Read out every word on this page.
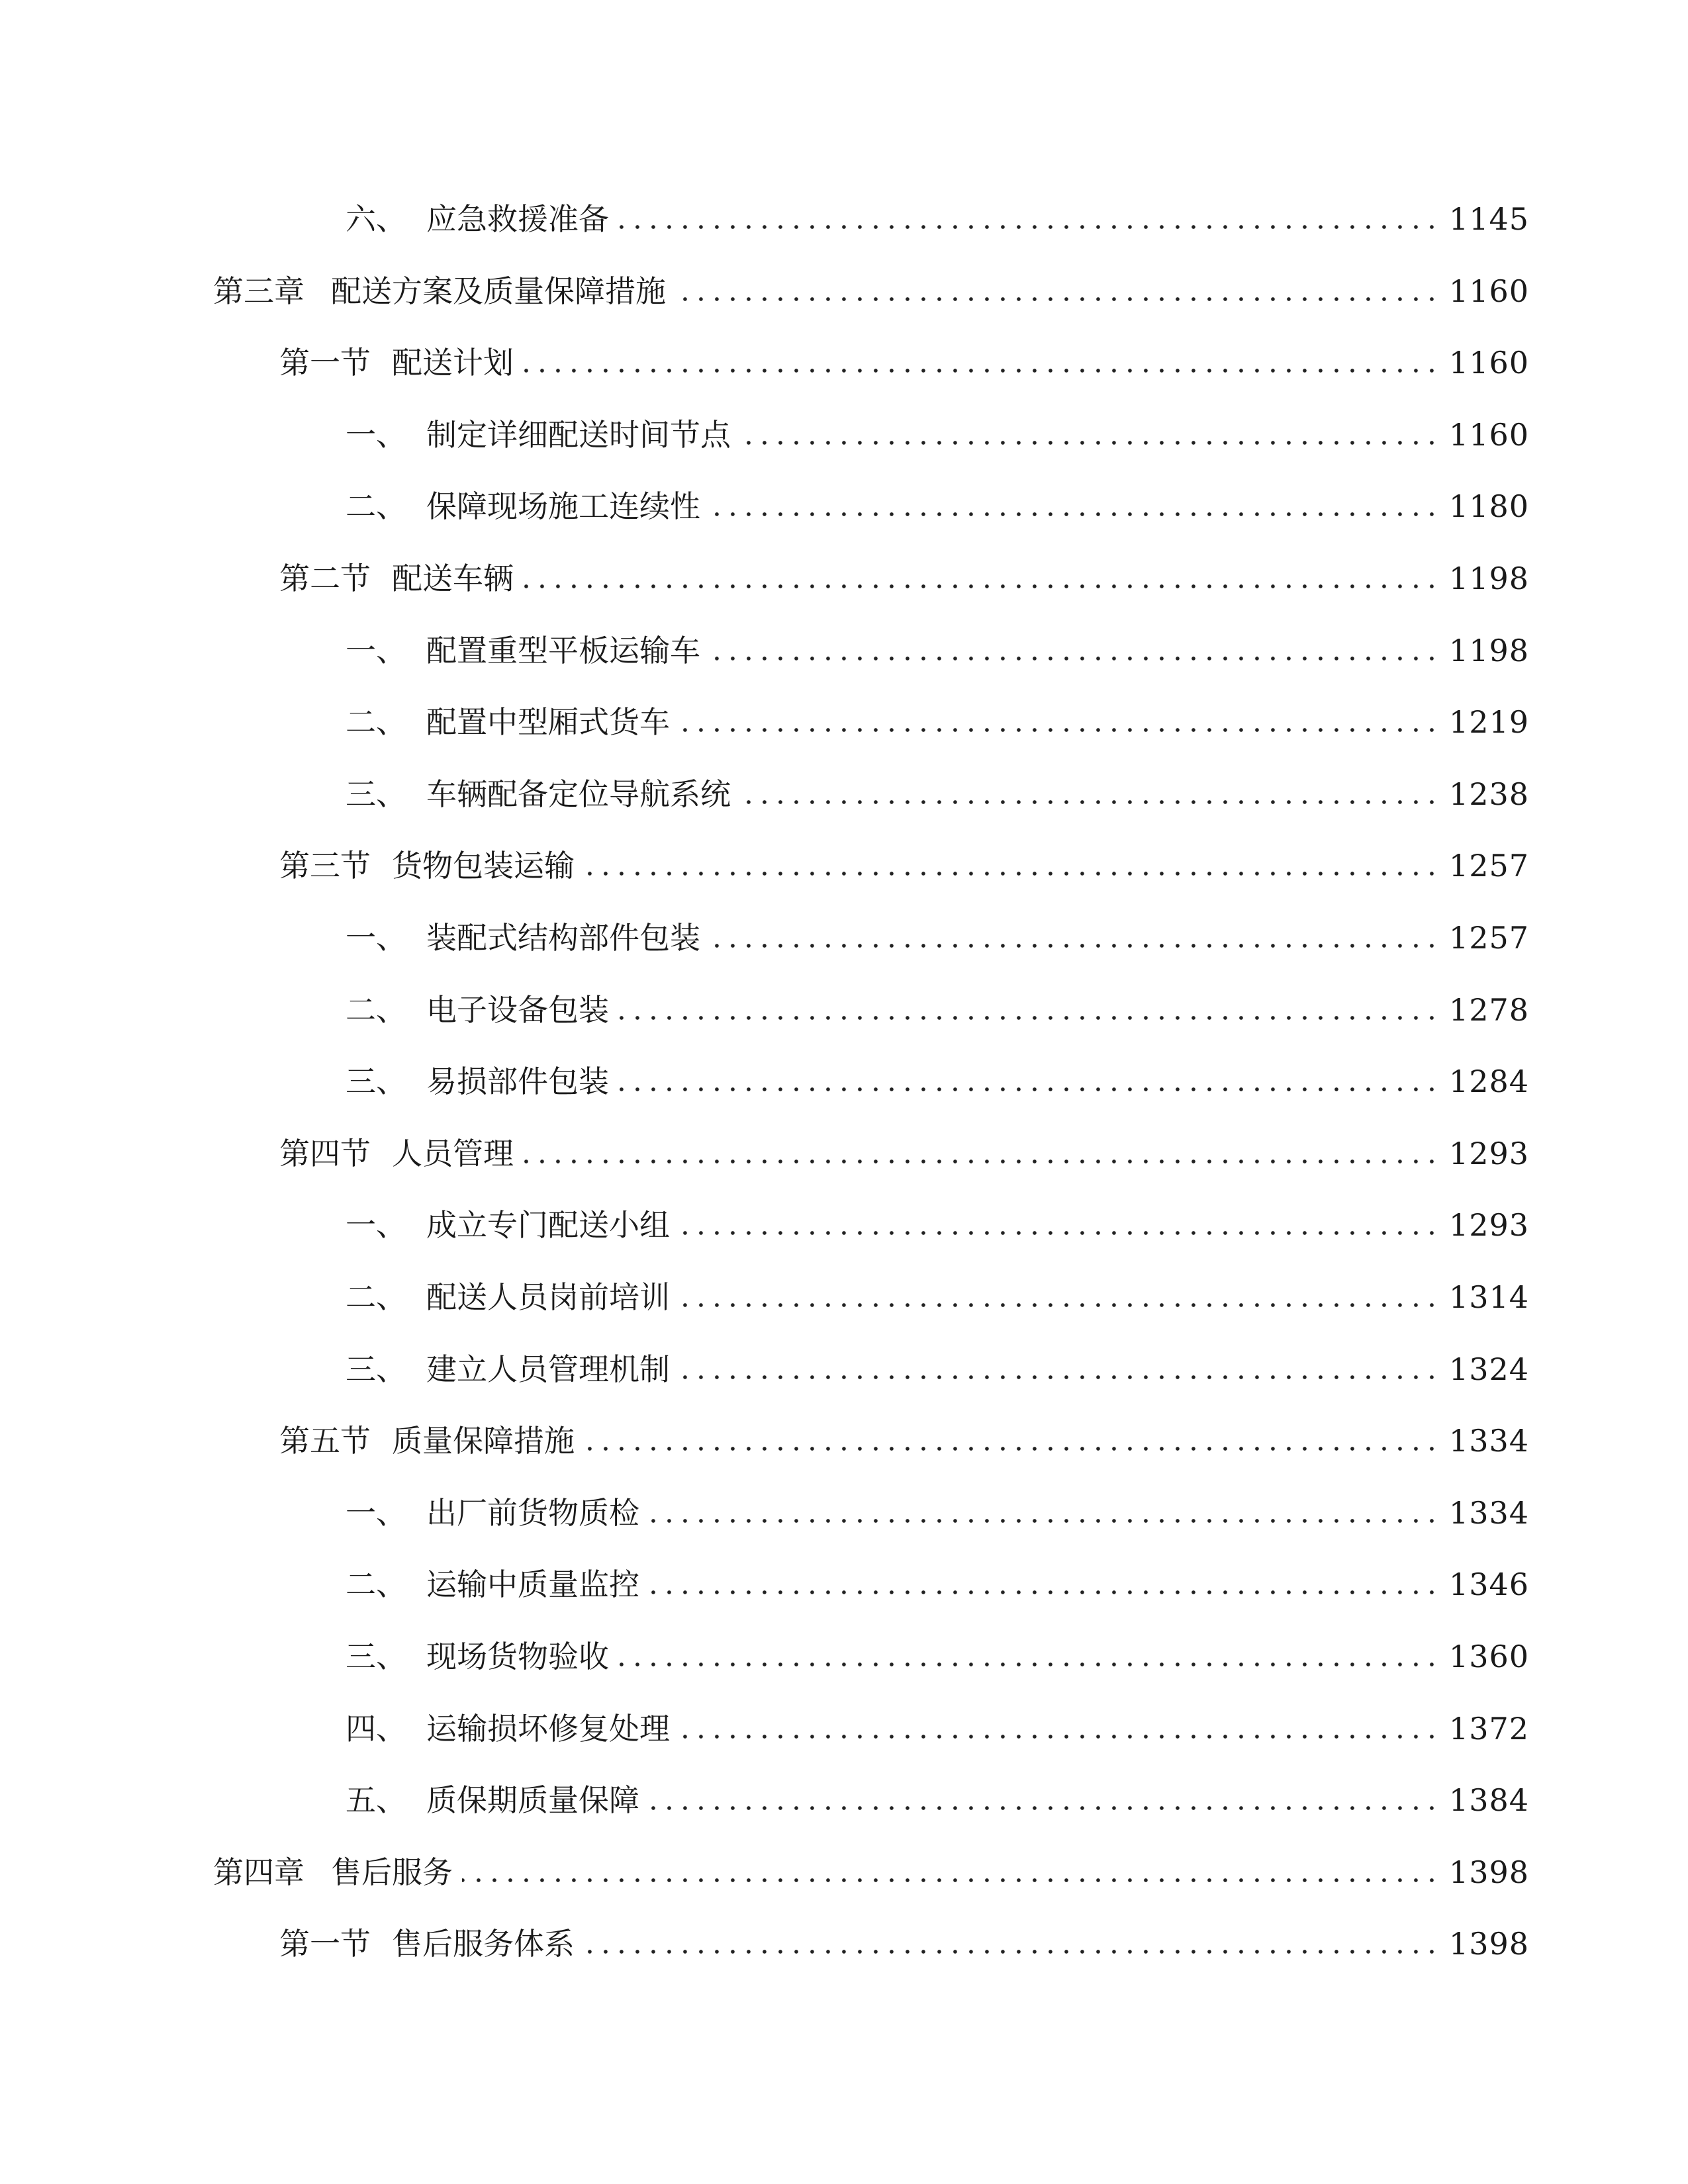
六、 应急救援准备	1145
第三章 配送方案及质量保障措施	1160
第一节 配送计划	1160
一、 制定详细配送时间节点	1160
二、 保障现场施工连续性	1180
第二节 配送车辆	1198
一、 配置重型平板运输车	1198
二、 配置中型厢式货车	1219
三、 车辆配备定位导航系统	1238
第三节 货物包装运输	1257
一、 装配式结构部件包装	1257
二、 电子设备包装	1278
三、 易损部件包装	1284
第四节 人员管理	1293
一、 成立专门配送小组	1293
二、 配送人员岗前培训	1314
三、 建立人员管理机制	1324
第五节 质量保障措施	1334
一、 出厂前货物质检	1334
二、 运输中质量监控	1346
三、 现场货物验收	1360
四、 运输损坏修复处理	1372
五、 质保期质量保障	1384
第四章 售后服务	1398
第一节 售后服务体系	1398
